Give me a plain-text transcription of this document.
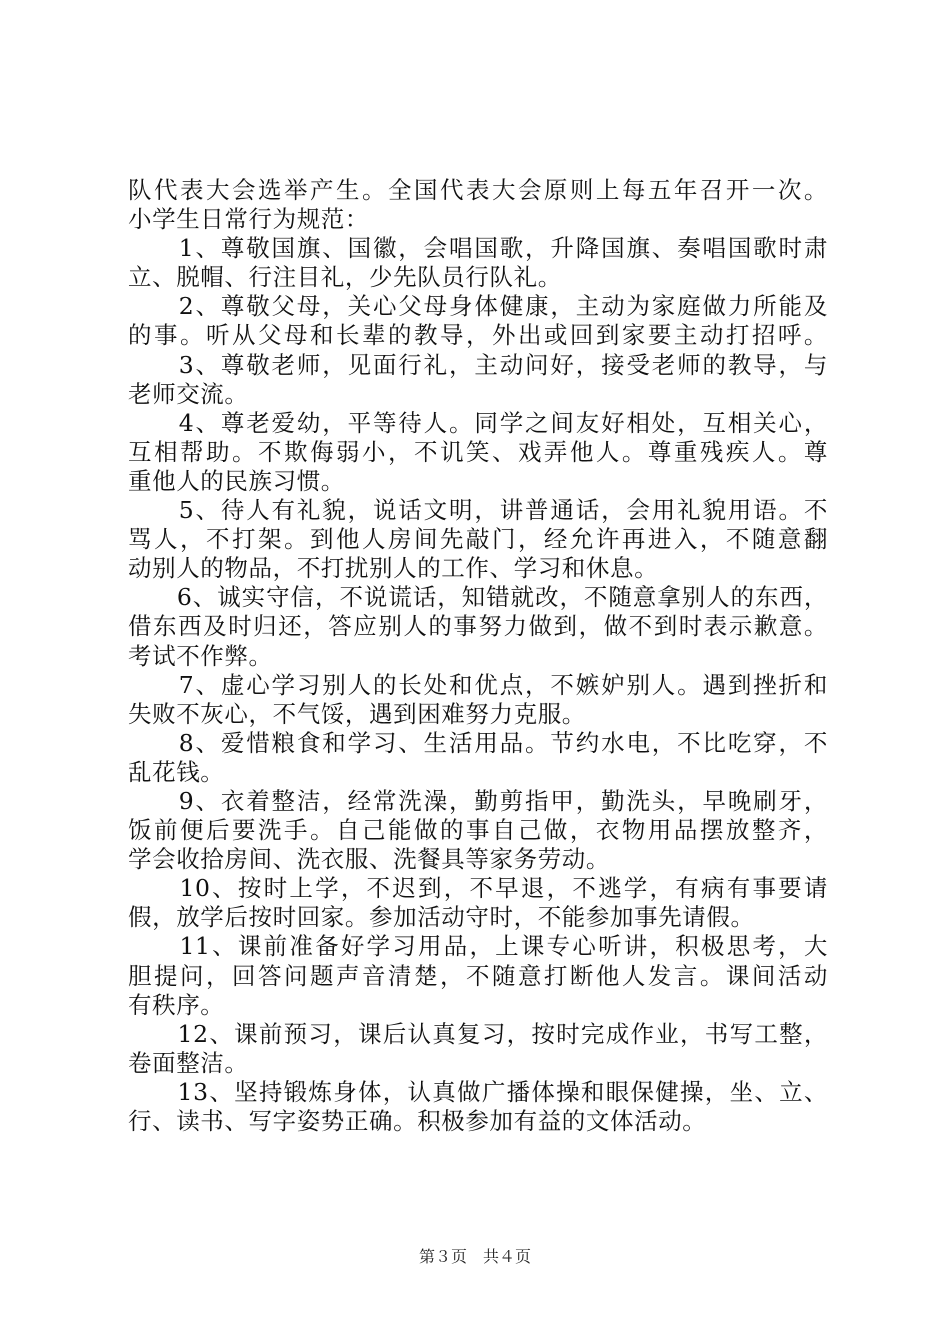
队代表大会选举产生。全国代表大会原则上每五年召开一次。
小学生日常行为规范：
　　1、尊敬国旗、国徽，会唱国歌，升降国旗、奏唱国歌时肃
立、脱帽、行注目礼，少先队员行队礼。
　　2、尊敬父母，关心父母身体健康，主动为家庭做力所能及
的事。听从父母和长辈的教导，外出或回到家要主动打招呼。
　　3、尊敬老师，见面行礼，主动问好，接受老师的教导，与
老师交流。
　　4、尊老爱幼，平等待人。同学之间友好相处，互相关心，
互相帮助。不欺侮弱小，不讥笑、戏弄他人。尊重残疾人。尊
重他人的民族习惯。
　　5、待人有礼貌，说话文明，讲普通话，会用礼貌用语。不
骂人，不打架。到他人房间先敲门，经允许再进入，不随意翻
动别人的物品，不打扰别人的工作、学习和休息。
　　6、诚实守信，不说谎话，知错就改，不随意拿别人的东西，
借东西及时归还，答应别人的事努力做到，做不到时表示歉意。
考试不作弊。
　　7、虚心学习别人的长处和优点，不嫉妒别人。遇到挫折和
失败不灰心，不气馁，遇到困难努力克服。
　　8、爱惜粮食和学习、生活用品。节约水电，不比吃穿，不
乱花钱。
　　9、衣着整洁，经常洗澡，勤剪指甲，勤洗头，早晚刷牙，
饭前便后要洗手。自己能做的事自己做，衣物用品摆放整齐，
学会收拾房间、洗衣服、洗餐具等家务劳动。
　　10、按时上学，不迟到，不早退，不逃学，有病有事要请
假，放学后按时回家。参加活动守时，不能参加事先请假。
　　11、课前准备好学习用品，上课专心听讲，积极思考，大
胆提问，回答问题声音清楚，不随意打断他人发言。课间活动
有秩序。
　　12、课前预习，课后认真复习，按时完成作业，书写工整，
卷面整洁。
　　13、坚持锻炼身体，认真做广播体操和眼保健操，坐、立、
行、读书、写字姿势正确。积极参加有益的文体活动。
第３页　共４页
